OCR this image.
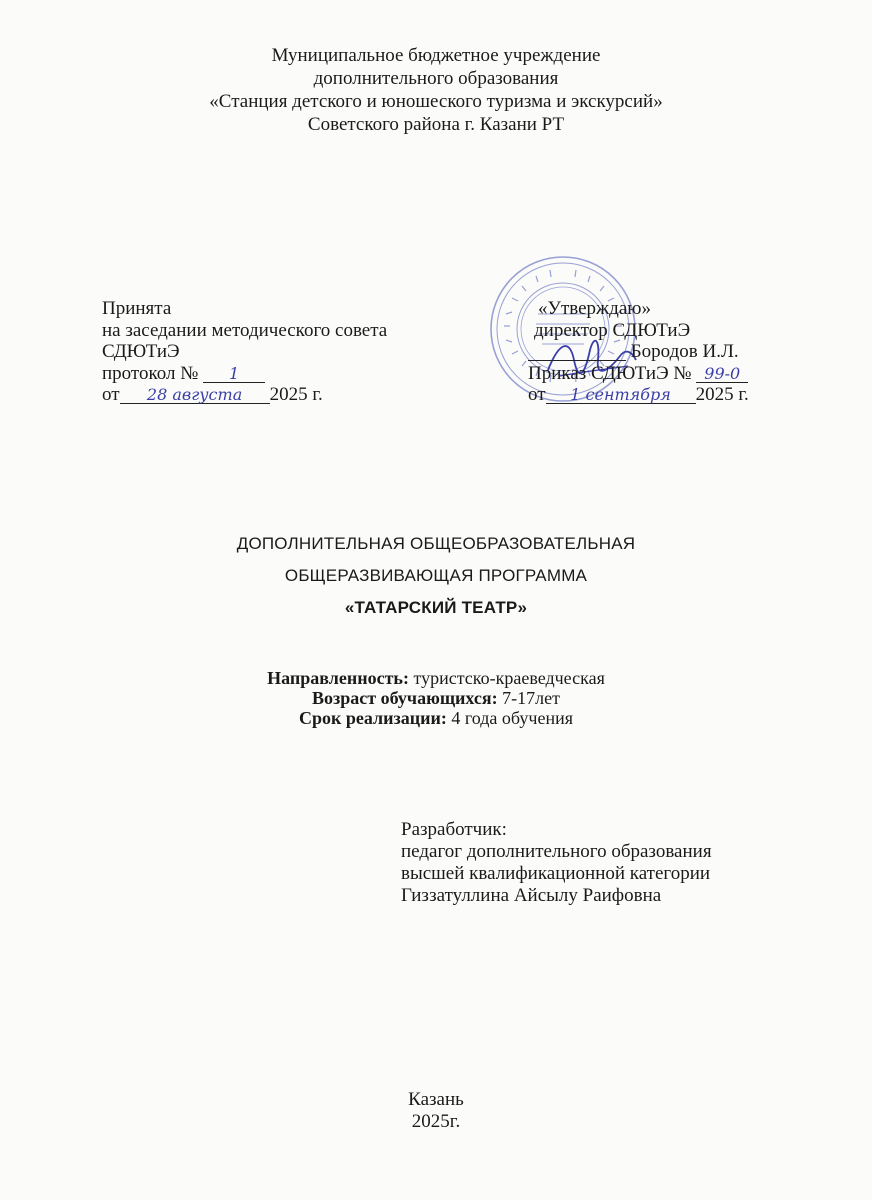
Муниципальное бюджетное учреждение
дополнительного образования
«Станция детского и юношеского туризма и экскурсий»
Советского района г. Казани РТ
Принята
на заседании методического совета
СДЮТиЭ
протокол № 1
от 28 августа 2025 г.
«Утверждаю»
директор СДЮТиЭ
Бородов И.Л.
Приказ СДЮТиЭ № 99-0
от 1 сентября 2025 г.
ДОПОЛНИТЕЛЬНАЯ ОБЩЕОБРАЗОВАТЕЛЬНАЯ
ОБЩЕРАЗВИВАЮЩАЯ ПРОГРАММА
«ТАТАРСКИЙ ТЕАТР»
Направленность: туристско-краеведческая
Возраст обучающихся: 7-17лет
Срок реализации: 4 года обучения
Разработчик:
педагог дополнительного образования
высшей квалификационной категории
Гиззатуллина Айсылу Раифовна
Казань
2025г.
